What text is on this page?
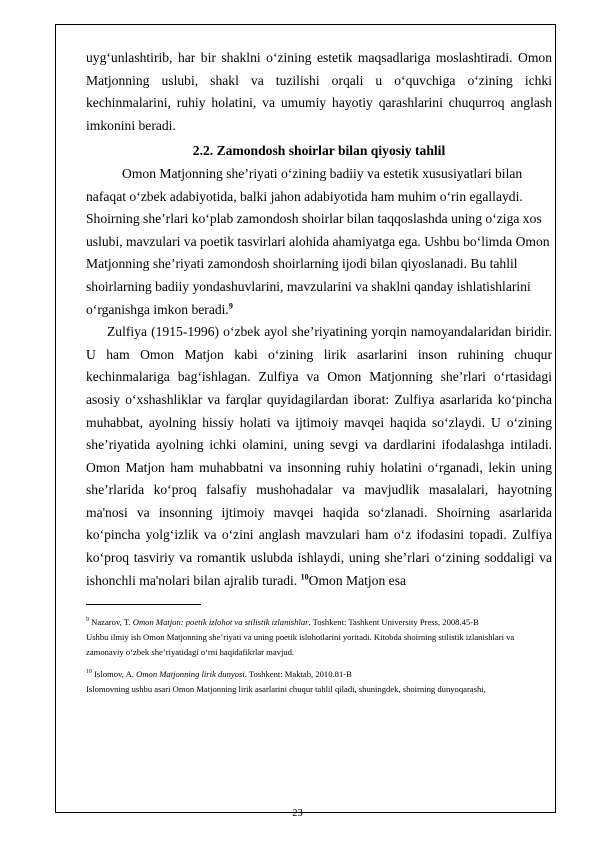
uyg‘unlashtirib, har bir shaklni o‘zining estetik maqsadlariga moslashtiradi. Omon Matjonning uslubi, shakl va tuzilishi orqali u o‘quvchiga o‘zining ichki kechinmalarini, ruhiy holatini, va umumiy hayotiy qarashlarini chuqurroq anglash imkonini beradi.

2.2. Zamondosh shoirlar bilan qiyosiy tahlil

Omon Matjonning she’riyati o‘zining badiiy va estetik xususiyatlari bilan nafaqat o‘zbek adabiyotida, balki jahon adabiyotida ham muhim o‘rin egallaydi. Shoirning she’rlari ko‘plab zamondosh shoirlar bilan taqqoslashda uning o‘ziga xos uslubi, mavzulari va poetik tasvirlari alohida ahamiyatga ega. Ushbu bo‘limda Omon Matjonning she’riyati zamondosh shoirlarning ijodi bilan qiyoslanadi. Bu tahlil shoirlarning badiiy yondashuvlarini, mavzularini va shaklni qanday ishlatishlarini o‘rganishga imkon beradi.$^9$

Zulfiya (1915-1996) o‘zbek ayol she’riyatining yorqin namoyandalaridan biridir. U ham Omon Matjon kabi o‘zining lirik asarlarini inson ruhining chuqur kechinmalariga bag‘ishlagan. Zulfiya va Omon Matjonning she’rlari o‘rtasidagi asosiy o‘xshashliklar va farqlar quyidagilardan iborat: Zulfiya asarlarida ko‘pincha muhabbat, ayolning hissiy holati va ijtimoiy mavqei haqida so‘zlaydi. U o‘zining she’riyatida ayolning ichki olamini, uning sevgi va dardlarini ifodalashga intiladi. Omon Matjon ham muhabbatni va insonning ruhiy holatini o‘rganadi, lekin uning she’rlarida ko‘proq falsafiy mushohadalar va mavjudlik masalalari, hayotning ma'nosi va insonning ijtimoiy mavqei haqida so‘zlanadi. Shoirning asarlarida ko‘pincha yolg‘izlik va o‘zini anglash mavzulari ham o‘z ifodasini topadi. Zulfiya ko‘proq tasviriy va romantik uslubda ishlaydi, uning she’rlari o‘zining soddaligi va ishonchli ma'nolari bilan ajralib turadi. $^{10}$Omon Matjon esa

$^9$ Nazarov, T. Omon Matjon: poetik izlohot va stilistik izlanishlar. Toshkent: Tashkent University Press, 2008.45-B

Ushbu ilmiy ish Omon Matjonning she’riyati va uning poetik islohotlarini yoritadi. Kitobda shoirning stilistik izlanishlari va zamonaviy o‘zbek she’riyatidagi o‘rni haqidafikrlar mavjud.

$^{10}$ Islomov, A. Omon Matjonning lirik dunyosi. Toshkent: Maktab, 2010.81-B

Islomovning ushbu asari Omon Matjonning lirik asarlarini chuqur tahlil qiladi, shuningdek, shoirning dunyoqarashi,

23
